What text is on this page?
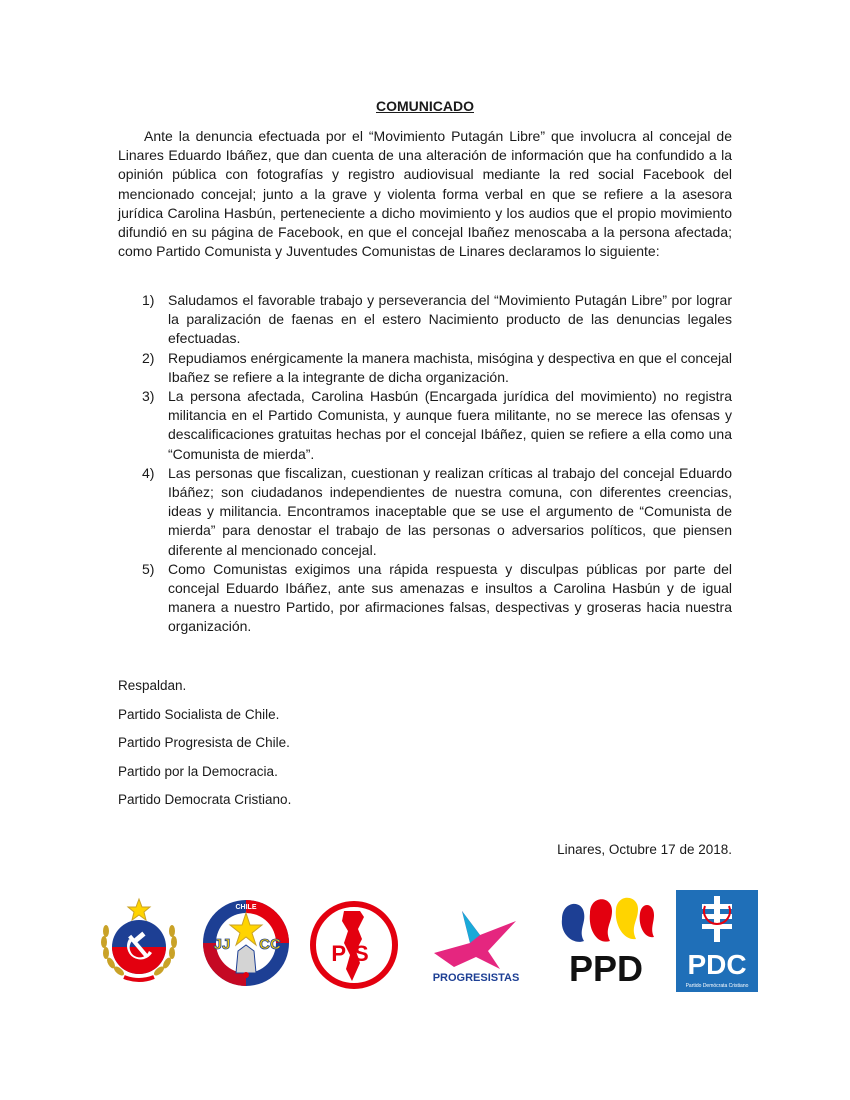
COMUNICADO

Ante la denuncia efectuada por el “Movimiento Putagán Libre” que involucra al concejal de Linares Eduardo Ibáñez, que dan cuenta de una alteración de información que ha confundido a la opinión pública con fotografías y registro audiovisual mediante la red social Facebook del mencionado concejal; junto a la grave y violenta forma verbal en que se refiere a la asesora jurídica Carolina Hasbún, perteneciente a dicho movimiento y los audios que el propio movimiento difundió en su página de Facebook, en que el concejal Ibañez menoscaba a la persona afectada; como Partido Comunista y Juventudes Comunistas de Linares declaramos lo siguiente:

1) Saludamos el favorable trabajo y perseverancia del “Movimiento Putagán Libre” por lograr la paralización de faenas en el estero Nacimiento producto de las denuncias legales efectuadas.
2) Repudiamos enérgicamente la manera machista, misógina y despectiva en que el concejal Ibañez se refiere a la integrante de dicha organización.
3) La persona afectada, Carolina Hasbún (Encargada jurídica del movimiento) no registra militancia en el Partido Comunista, y aunque fuera militante, no se merece las ofensas y descalificaciones gratuitas hechas por el concejal Ibáñez, quien se refiere a ella como una “Comunista de mierda”.
4) Las personas que fiscalizan, cuestionan y realizan críticas al trabajo del concejal Eduardo Ibáñez; son ciudadanos independientes de nuestra comuna, con diferentes creencias, ideas y militancia. Encontramos inaceptable que se use el argumento de “Comunista de mierda” para denostar el trabajo de las personas o adversarios políticos, que piensen diferente al mencionado concejal.
5) Como Comunistas exigimos una rápida respuesta y disculpas públicas por parte del concejal Eduardo Ibáñez, ante sus amenazas e insultos a Carolina Hasbún y de igual manera a nuestro Partido, por afirmaciones falsas, despectivas y groseras hacia nuestra organización.
Respaldan.
Partido Socialista de Chile.
Partido Progresista de Chile.
Partido por la Democracia.
Partido Democrata Cristiano.
Linares, Octubre 17 de 2018.
CHILE
JJ CC PS
PROGRESISTAS PPD PDC
Partido Demócrata Cristiano
